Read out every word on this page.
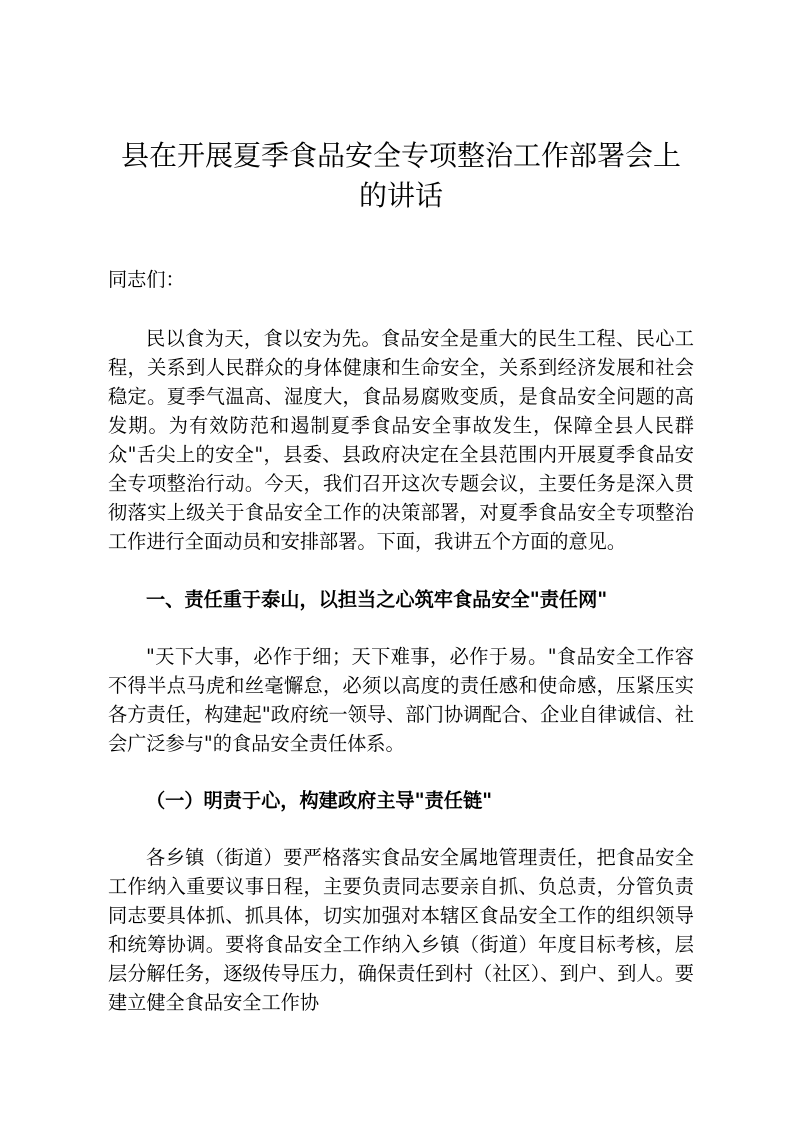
县在开展夏季食品安全专项整治工作部署会上的讲话

同志们：

民以食为天，食以安为先。食品安全是重大的民生工程、民心工程，关系到人民群众的身体健康和生命安全，关系到经济发展和社会稳定。夏季气温高、湿度大，食品易腐败变质，是食品安全问题的高发期。为有效防范和遏制夏季食品安全事故发生，保障全县人民群众"舌尖上的安全"，县委、县政府决定在全县范围内开展夏季食品安全专项整治行动。今天，我们召开这次专题会议，主要任务是深入贯彻落实上级关于食品安全工作的决策部署，对夏季食品安全专项整治工作进行全面动员和安排部署。下面，我讲五个方面的意见。

一、责任重于泰山，以担当之心筑牢食品安全"责任网"

"天下大事，必作于细；天下难事，必作于易。"食品安全工作容不得半点马虎和丝毫懈怠，必须以高度的责任感和使命感，压紧压实各方责任，构建起"政府统一领导、部门协调配合、企业自律诚信、社会广泛参与"的食品安全责任体系。

（一）明责于心，构建政府主导"责任链"

各乡镇（街道）要严格落实食品安全属地管理责任，把食品安全工作纳入重要议事日程，主要负责同志要亲自抓、负总责，分管负责同志要具体抓、抓具体，切实加强对本辖区食品安全工作的组织领导和统筹协调。要将食品安全工作纳入乡镇（街道）年度目标考核，层层分解任务，逐级传导压力，确保责任到村（社区）、到户、到人。要建立健全食品安全工作协
